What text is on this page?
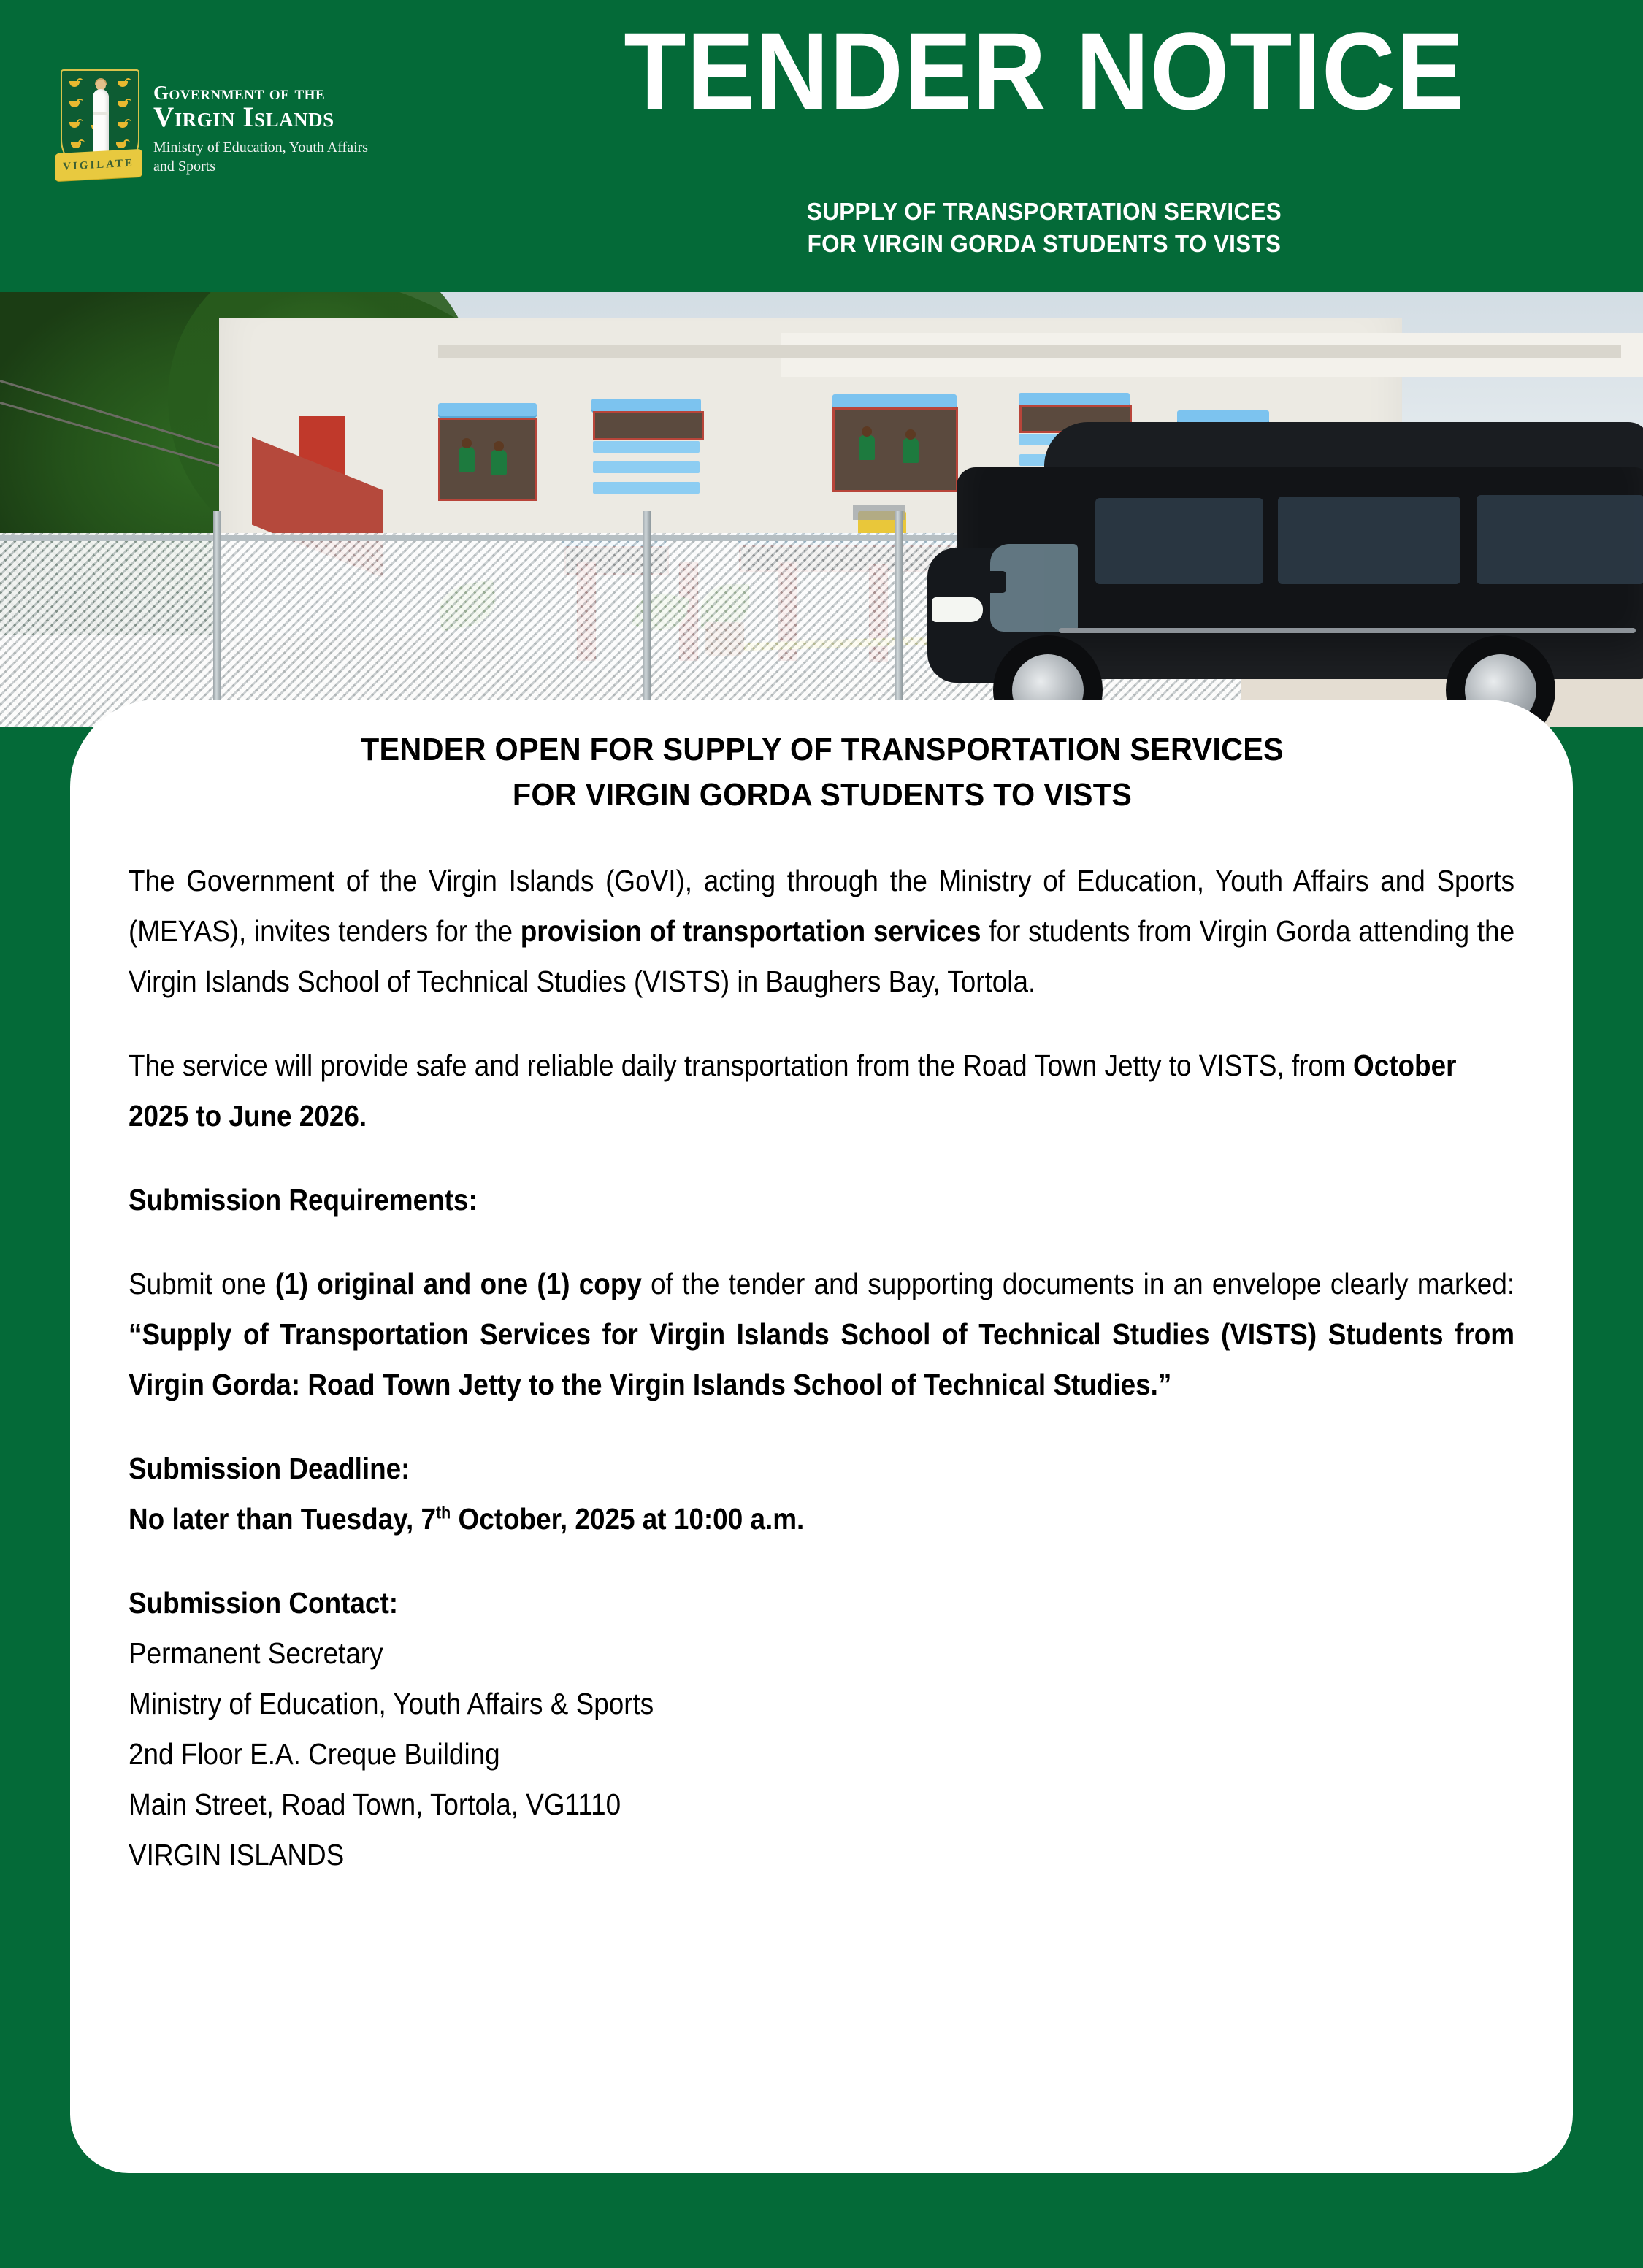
VIGILATE
Government of the
Virgin Islands
Ministry of Education, Youth Affairs
and Sports
TENDER NOTICE
SUPPLY OF TRANSPORTATION SERVICES
FOR VIRGIN GORDA STUDENTS TO VISTS
TENDER OPEN FOR SUPPLY OF TRANSPORTATION SERVICES
FOR VIRGIN GORDA STUDENTS TO VISTS

The Government of the Virgin Islands (GoVI), acting through the Ministry of Education, Youth Affairs and Sports (MEYAS), invites tenders for the provision of transportation services for students from Virgin Gorda attending the Virgin Islands School of Technical Studies (VISTS) in Baughers Bay, Tortola.

The service will provide safe and reliable daily transportation from the Road Town Jetty to VISTS, from October 2025 to June 2026.

Submission Requirements:

Submit one (1) original and one (1) copy of the tender and supporting documents in an envelope clearly marked: “Supply of Transportation Services for Virgin Islands School of Technical Studies (VISTS) Students from Virgin Gorda: Road Town Jetty to the Virgin Islands School of Technical Studies.”

Submission Deadline:

No later than Tuesday, 7th October, 2025 at 10:00 a.m.

Submission Contact:

Permanent Secretary

Ministry of Education, Youth Affairs & Sports

2nd Floor E.A. Creque Building

Main Street, Road Town, Tortola, VG1110

VIRGIN ISLANDS
